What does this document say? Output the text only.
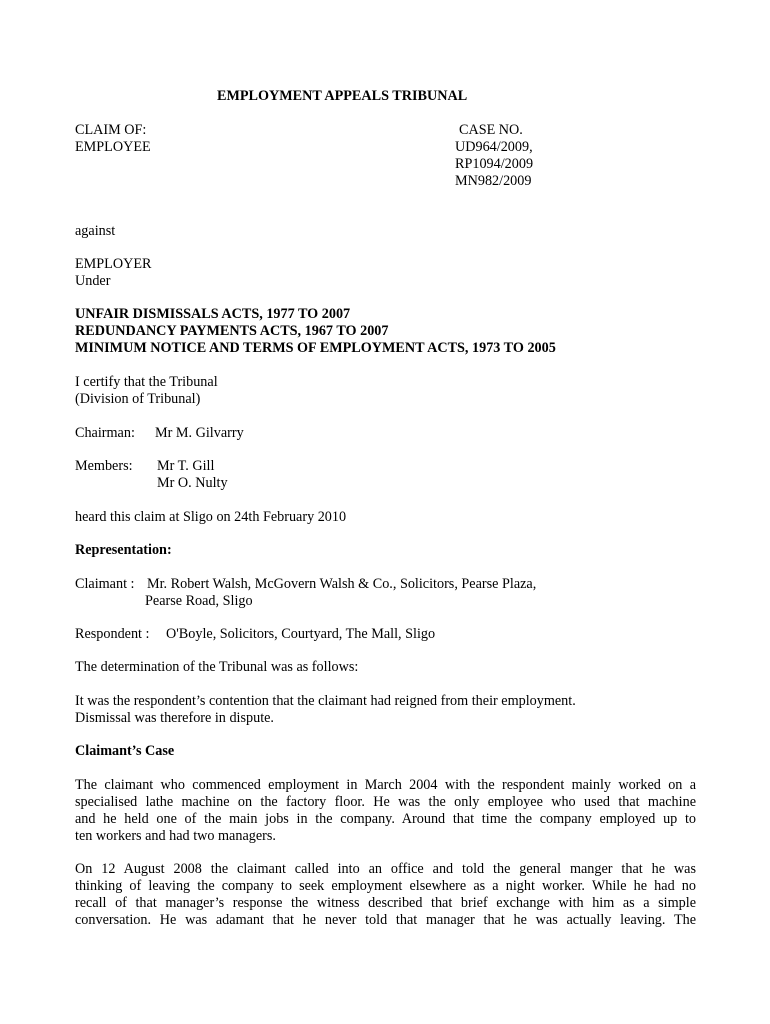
EMPLOYMENT APPEALS TRIBUNAL
CLAIM OF:
EMPLOYEE
CASE NO.
UD964/2009,
RP1094/2009
MN982/2009
against
EMPLOYER
Under
UNFAIR DISMISSALS ACTS, 1977 TO 2007
REDUNDANCY PAYMENTS ACTS, 1967 TO 2007
MINIMUM NOTICE AND TERMS OF EMPLOYMENT ACTS, 1973 TO 2005
I certify that the Tribunal
(Division of Tribunal)
Chairman: Mr M. Gilvarry
Members: Mr T. Gill
Mr O. Nulty
heard this claim at Sligo on 24th February 2010
Representation:
Claimant : Mr. Robert Walsh, McGovern Walsh & Co., Solicitors, Pearse Plaza,
Pearse Road, Sligo
Respondent : O'Boyle, Solicitors, Courtyard, The Mall, Sligo
The determination of the Tribunal was as follows:
It was the respondent’s contention that the claimant had reigned from their employment.
Dismissal was therefore in dispute.
Claimant’s Case
The claimant who commenced employment in March 2004 with the respondent mainly worked on a
specialised lathe machine on the factory floor. He was the only employee who used that machine
and he held one of the main jobs in the company. Around that time the company employed up to
ten workers and had two managers.
On 12 August 2008 the claimant called into an office and told the general manger that he was
thinking of leaving the company to seek employment elsewhere as a night worker. While he had no
recall of that manager’s response the witness described that brief exchange with him as a simple
conversation. He was adamant that he never told that manager that he was actually leaving. The
